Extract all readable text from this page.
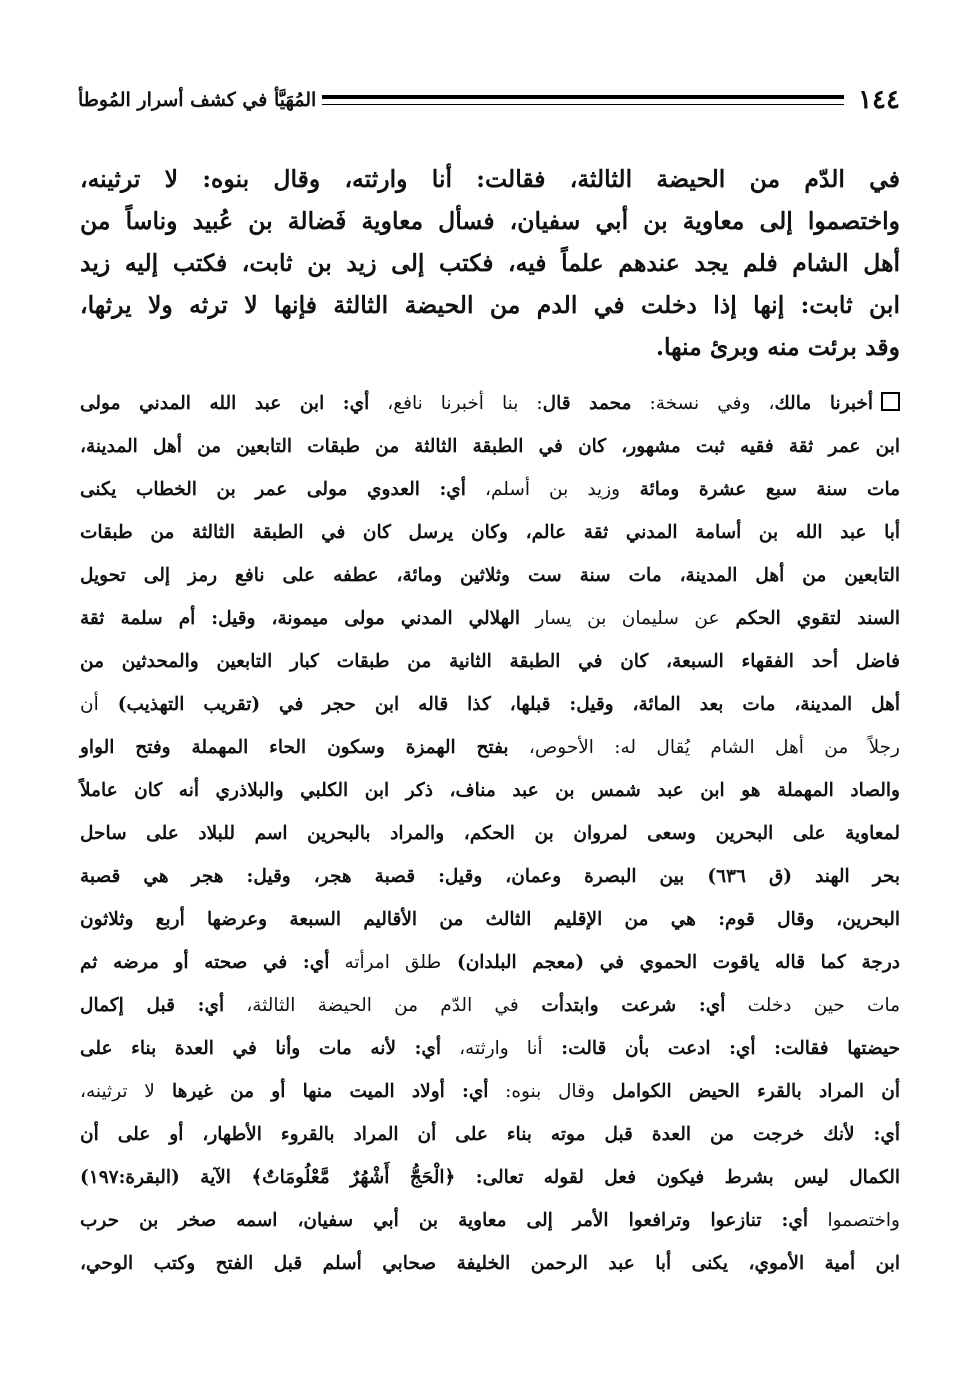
١٤٤
المُهَيَّأ في كشف أسرار المُوطأ
في الدّم من الحيضة الثالثة، فقالت: أنا وارثته، وقال بنوه: لا ترثينه،
واختصموا إلى معاوية بن أبي سفيان، فسأل معاوية فَضالة بن عُبيد وناساً من
أهل الشام فلم يجد عندهم علماً فيه، فكتب إلى زيد بن ثابت، فكتب إليه زيد
ابن ثابت: إنها إذا دخلت في الدم من الحيضة الثالثة فإنها لا ترثه ولا يرثها،
وقد برئت منه وبرئ منها.
أخبرنا مالك، وفي نسخة: محمد قال: بنا أخبرنا نافع، أي: ابن عبد الله المدني مولى
ابن عمر ثقة فقيه ثبت مشهور، كان في الطبقة الثالثة من طبقات التابعين من أهل المدينة،
مات سنة سبع عشرة ومائة وزيد بن أسلم، أي: العدوي مولى عمر بن الخطاب يكنى
أبا عبد الله بن أسامة المدني ثقة عالم، وكان يرسل كان في الطبقة الثالثة من طبقات
التابعين من أهل المدينة، مات سنة ست وثلاثين ومائة، عطفه على نافع رمز إلى تحويل
السند لتقوي الحكم عن سليمان بن يسار الهلالي المدني مولى ميمونة، وقيل: أم سلمة ثقة
فاضل أحد الفقهاء السبعة، كان في الطبقة الثانية من طبقات كبار التابعين والمحدثين من
أهل المدينة، مات بعد المائة، وقيل: قبلها، كذا قاله ابن حجر في (تقريب التهذيب) أن
رجلاً من أهل الشام يُقال له: الأحوص، بفتح الهمزة وسكون الحاء المهملة وفتح الواو
والصاد المهملة هو ابن عبد شمس بن عبد مناف، ذكر ابن الكلبي والبلاذري أنه كان عاملاً
لمعاوية على البحرين وسعى لمروان بن الحكم، والمراد بالبحرين اسم للبلاد على ساحل
بحر الهند (ق ٦٣٦) بين البصرة وعمان، وقيل: قصبة هجر، وقيل: هجر هي قصبة
البحرين، وقال قوم: هي من الإقليم الثالث من الأقاليم السبعة وعرضها أربع وثلاثون
درجة كما قاله ياقوت الحموي في (معجم البلدان) طلق امرأته أي: في صحته أو مرضه ثم
مات حين دخلت أي: شرعت وابتدأت في الدّم من الحيضة الثالثة، أي: قبل إكمال
حيضتها فقالت: أي: ادعت بأن قالت: أنا وارثته، أي: لأنه مات وأنا في العدة بناء على
أن المراد بالقرء الحيض الكوامل وقال بنوه: أي: أولاد الميت منها أو من غيرها لا ترثينه،
أي: لأنك خرجت من العدة قبل موته بناء على أن المراد بالقروء الأطهار، أو على أن
الكمال ليس بشرط فيكون فعل لقوله تعالى: ﴿الْحَجُّ أَشْهُرٌ مَّعْلُومَاتٌ﴾ الآية (البقرة:١٩٧)
واختصموا أي: تنازعوا وترافعوا الأمر إلى معاوية بن أبي سفيان، اسمه صخر بن حرب
ابن أمية الأموي، يكنى أبا عبد الرحمن الخليفة صحابي أسلم قبل الفتح وكتب الوحي،
